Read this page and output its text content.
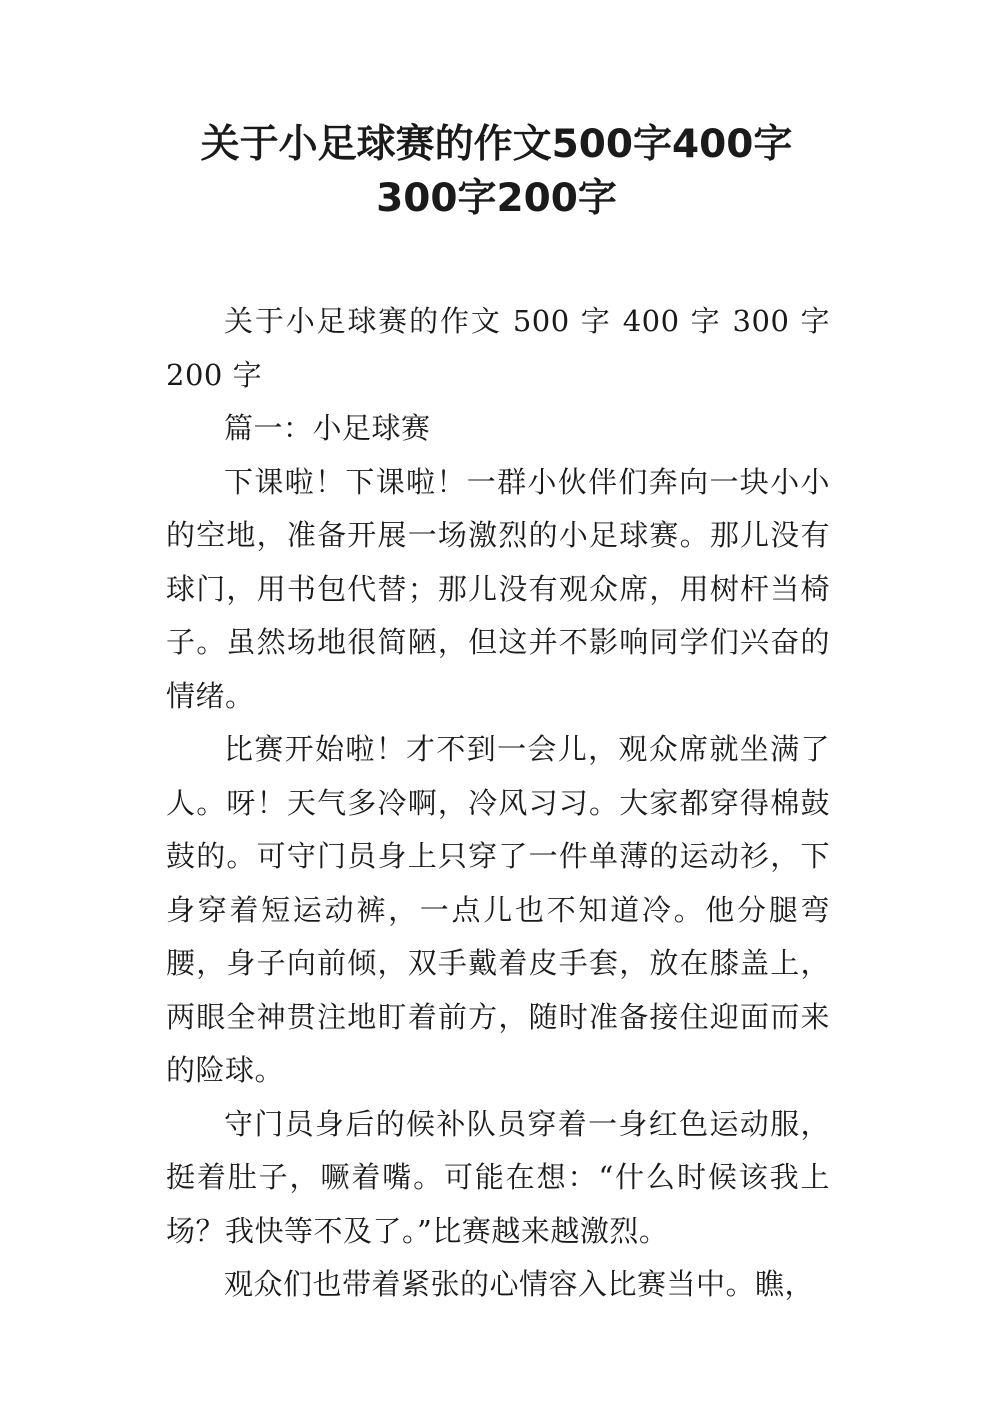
关于小足球赛的作文500字400字
300字200字

关于小足球赛的作文 500 字 400 字 300 字 200 字

篇一：小足球赛

下课啦！下课啦！一群小伙伴们奔向一块小小的空地，准备开展一场激烈的小足球赛。那儿没有球门，用书包代替；那儿没有观众席，用树杆当椅子。虽然场地很简陋，但这并不影响同学们兴奋的情绪。

比赛开始啦！才不到一会儿，观众席就坐满了人。呀！天气多冷啊，冷风习习。大家都穿得棉鼓鼓的。可守门员身上只穿了一件单薄的运动衫，下身穿着短运动裤，一点儿也不知道冷。他分腿弯腰，身子向前倾，双手戴着皮手套，放在膝盖上，两眼全神贯注地盯着前方，随时准备接住迎面而来的险球。

守门员身后的候补队员穿着一身红色运动服，挺着肚子，噘着嘴。可能在想：“什么时候该我上场？我快等不及了。”比赛越来越激烈。

观众们也带着紧张的心情容入比赛当中。瞧，
